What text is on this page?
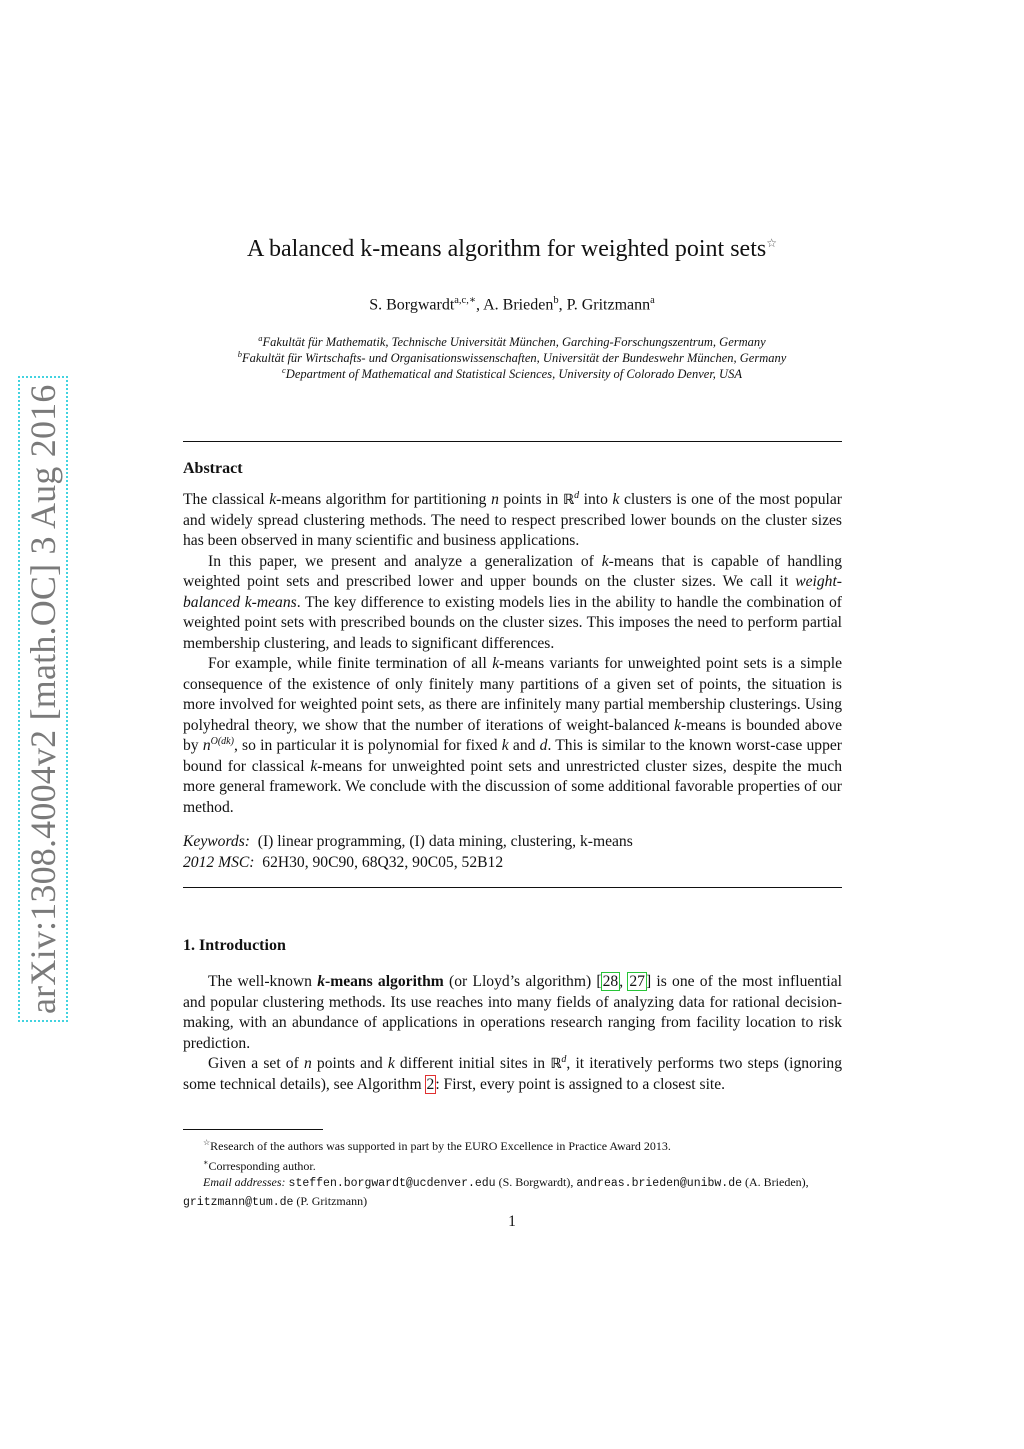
arXiv:1308.4004v2 [math.OC] 3 Aug 2016
A balanced k-means algorithm for weighted point sets☆
S. Borgwardt$^{a,c,∗}$, A. Brieden$^b$, P. Gritzmann$^a$
$^a$Fakultät für Mathematik, Technische Universität München, Garching-Forschungszentrum, Germany
$^b$Fakultät für Wirtschafts- und Organisationswissenschaften, Universität der Bundeswehr München, Germany
$^c$Department of Mathematical and Statistical Sciences, University of Colorado Denver, USA
Abstract

The classical k-means algorithm for partitioning n points in ℝ$^d$ into k clusters is one of the most popular and widely spread clustering methods. The need to respect prescribed lower bounds on the cluster sizes has been observed in many scientific and business applications.

In this paper, we present and analyze a generalization of k-means that is capable of handling weighted point sets and prescribed lower and upper bounds on the cluster sizes. We call it weight-balanced k-means. The key difference to existing models lies in the ability to handle the combination of weighted point sets with prescribed bounds on the cluster sizes. This imposes the need to perform partial membership clustering, and leads to significant differences.

For example, while finite termination of all k-means variants for unweighted point sets is a simple consequence of the existence of only finitely many partitions of a given set of points, the situation is more involved for weighted point sets, as there are infinitely many partial membership clusterings. Using polyhedral theory, we show that the number of iterations of weight-balanced k-means is bounded above by $n^{O(dk)}$, so in particular it is polynomial for fixed k and d. This is similar to the known worst-case upper bound for classical k-means for unweighted point sets and unrestricted cluster sizes, despite the much more general framework. We conclude with the discussion of some additional favorable properties of our method.

Keywords: (I) linear programming, (I) data mining, clustering, k-means
2012 MSC: 62H30, 90C90, 68Q32, 90C05, 52B12
1. Introduction

The well-known k-means algorithm (or Lloyd’s algorithm) [28, 27] is one of the most influential and popular clustering methods. Its use reaches into many fields of analyzing data for rational decision-making, with an abundance of applications in operations research ranging from facility location to risk prediction.

Given a set of n points and k different initial sites in ℝ$^d$, it iteratively performs two steps (ignoring some technical details), see Algorithm 2: First, every point is assigned to a closest site.

☆Research of the authors was supported in part by the EURO Excellence in Practice Award 2013.

∗Corresponding author.

Email addresses: steffen.borgwardt@ucdenver.edu (S. Borgwardt), andreas.brieden@unibw.de (A. Brieden), gritzmann@tum.de (P. Gritzmann)

1
